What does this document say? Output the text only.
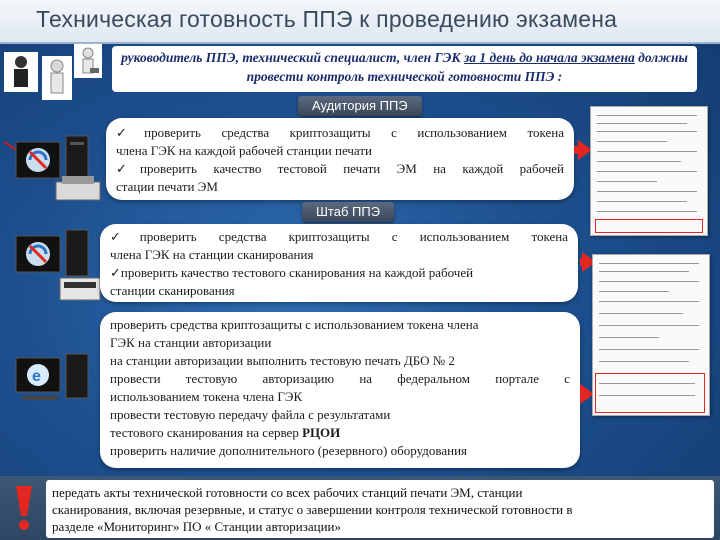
Техническая готовность ППЭ к проведению экзамена
руководитель ППЭ, технический специалист, член ГЭК за 1 день до начала экзамена должны провести контроль технической готовности ППЭ :
Аудитория ППЭ
✓проверить средства криптозащиты с использованием токена
члена ГЭК на каждой рабочей станции печати
✓проверить качество тестовой печати ЭМ на каждой рабочей
стации печати ЭМ
Штаб ППЭ
✓проверить средства криптозащиты с использованием токена
члена ГЭК на станции сканирования
✓проверить качество тестового сканирования на каждой рабочей
станции сканирования
e
проверить средства криптозащиты с использованием токена члена
ГЭК на станции авторизации
на станции авторизации выполнить тестовую печать ДБО № 2
провести тестовую авторизацию на федеральном портале с
использованием токена члена ГЭК
провести тестовую передачу файла с результатами
тестового сканирования на сервер РЦОИ
проверить наличие дополнительного (резервного) оборудования
передать акты технической готовности со всех рабочих станций печати ЭМ, станции
сканирования, включая резервные, и статус о завершении контроля технической готовности в
разделе «Мониторинг» ПО « Станции авторизации»
